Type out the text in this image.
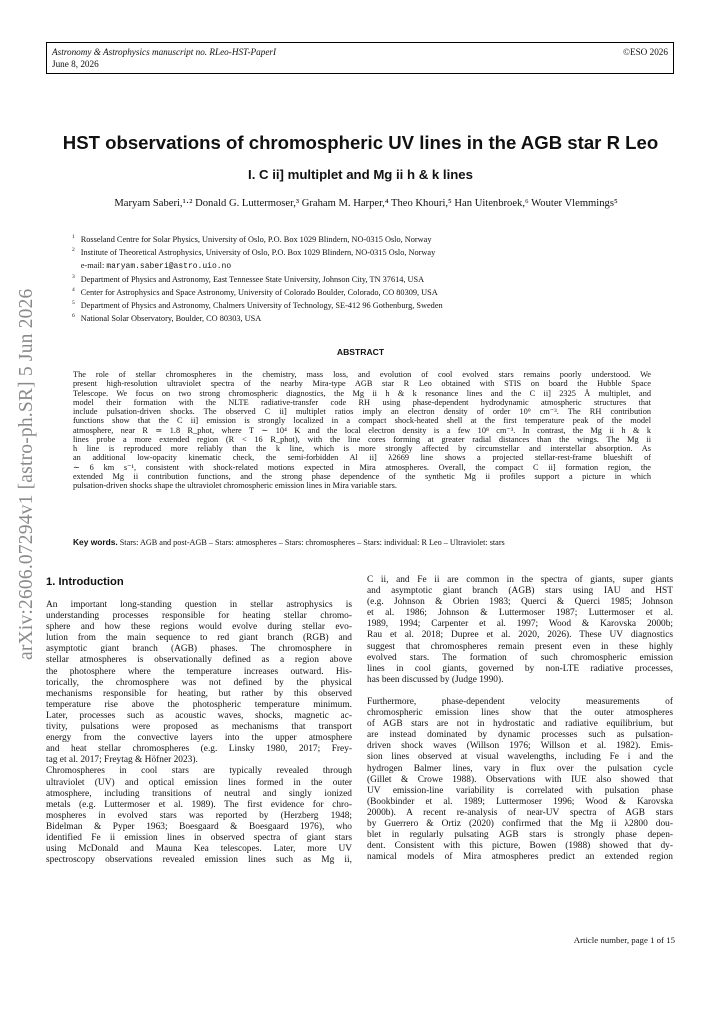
Astronomy & Astrophysics manuscript no. RLeo-HST-PaperI
June 8, 2026
©ESO 2026
arXiv:2606.07294v1 [astro-ph.SR] 5 Jun 2026
HST observations of chromospheric UV lines in the AGB star R Leo
I. C ii] multiplet and Mg ii h & k lines
Maryam Saberi,¹·² Donald G. Luttermoser,³ Graham M. Harper,⁴ Theo Khouri,⁵ Han Uitenbroek,⁶ Wouter Vlemmings⁵
$^1$ Rosseland Centre for Solar Physics, University of Oslo, P.O. Box 1029 Blindern, NO-0315 Oslo, Norway
$^2$ Institute of Theoretical Astrophysics, University of Oslo, P.O. Box 1029 Blindern, NO-0315 Oslo, Norway
e-mail: maryam.saberi@astro.uio.no
$^3$ Department of Physics and Astronomy, East Tennessee State University, Johnson City, TN 37614, USA
$^4$ Center for Astrophysics and Space Astronomy, University of Colorado Boulder, Colorado, CO 80309, USA
$^5$ Department of Physics and Astronomy, Chalmers University of Technology, SE-412 96 Gothenburg, Sweden
$^6$ National Solar Observatory, Boulder, CO 80303, USA
ABSTRACT
The role of stellar chromospheres in the chemistry, mass loss, and evolution of cool evolved stars remains poorly understood. We
present high-resolution ultraviolet spectra of the nearby Mira-type AGB star R Leo obtained with STIS on board the Hubble Space
Telescope. We focus on two strong chromospheric diagnostics, the Mg ii h & k resonance lines and the C ii] 2325 Å multiplet, and
model their formation with the NLTE radiative-transfer code RH using phase-dependent hydrodynamic atmospheric structures that
include pulsation-driven shocks. The observed C ii] multiplet ratios imply an electron density of order 10⁹ cm⁻³. The RH contribution
functions show that the C ii] emission is strongly localized in a compact shock-heated shell at the first temperature peak of the model
atmosphere, near R ≃ 1.8 R_phot, where T ∼ 10⁴ K and the local electron density is a few 10⁸ cm⁻³. In contrast, the Mg ii h & k
lines probe a more extended region (R < 16 R_phot), with the line cores forming at greater radial distances than the wings. The Mg ii
h line is reproduced more reliably than the k line, which is more strongly affected by circumstellar and interstellar absorption. As
an additional low-opacity kinematic check, the semi-forbidden Al ii] λ2669 line shows a projected stellar-rest-frame blueshift of
∼ 6 km s⁻¹, consistent with shock-related motions expected in Mira atmospheres. Overall, the compact C ii] formation region, the
extended Mg ii contribution functions, and the strong phase dependence of the synthetic Mg ii profiles support a picture in which
pulsation-driven shocks shape the ultraviolet chromospheric emission lines in Mira variable stars.
Key words. Stars: AGB and post-AGB – Stars: atmospheres – Stars: chromospheres – Stars: individual: R Leo – Ultraviolet: stars
1. Introduction
An important long-standing question in stellar astrophysics is
understanding processes responsible for heating stellar chromo-
sphere and how these regions would evolve during stellar evo-
lution from the main sequence to red giant branch (RGB) and
asymptotic giant branch (AGB) phases. The chromosphere in
stellar atmospheres is observationally defined as a region above
the photosphere where the temperature increases outward. His-
torically, the chromosphere was not defined by the physical
mechanisms responsible for heating, but rather by this observed
temperature rise above the photospheric temperature minimum.
Later, processes such as acoustic waves, shocks, magnetic ac-
tivity, pulsations were proposed as mechanisms that transport
energy from the convective layers into the upper atmosphere
and heat stellar chromospheres (e.g. Linsky 1980, 2017; Frey-
tag et al. 2017; Freytag & Höfner 2023).
Chromospheres in cool stars are typically revealed through
ultraviolet (UV) and optical emission lines formed in the outer
atmosphere, including transitions of neutral and singly ionized
metals (e.g. Luttermoser et al. 1989). The first evidence for chro-
mospheres in evolved stars was reported by (Herzberg 1948;
Bidelman & Pyper 1963; Boesgaard & Boesgaard 1976), who
identified Fe ii emission lines in observed spectra of giant stars
using McDonald and Mauna Kea telescopes. Later, more UV
spectroscopy observations revealed emission lines such as Mg ii,
C ii, and Fe ii are common in the spectra of giants, super giants
and asymptotic giant branch (AGB) stars using IAU and HST
(e.g. Johnson & Obrien 1983; Querci & Querci 1985; Johnson
et al. 1986; Johnson & Luttermoser 1987; Luttermoser et al.
1989, 1994; Carpenter et al. 1997; Wood & Karovska 2000b;
Rau et al. 2018; Dupree et al. 2020, 2026). These UV diagnostics
suggest that chromospheres remain present even in these highly
evolved stars. The formation of such chromospheric emission
lines in cool giants, governed by non-LTE radiative processes,
has been discussed by (Judge 1990).
Furthermore, phase-dependent velocity measurements of
chromospheric emission lines show that the outer atmospheres
of AGB stars are not in hydrostatic and radiative equilibrium, but
are instead dominated by dynamic processes such as pulsation-
driven shock waves (Willson 1976; Willson et al. 1982). Emis-
sion lines observed at visual wavelengths, including Fe i and the
hydrogen Balmer lines, vary in flux over the pulsation cycle
(Gillet & Crowe 1988). Observations with IUE also showed that
UV emission-line variability is correlated with pulsation phase
(Bookbinder et al. 1989; Luttermoser 1996; Wood & Karovska
2000b). A recent re-analysis of near-UV spectra of AGB stars
by Guerrero & Ortiz (2020) confirmed that the Mg ii λ2800 dou-
blet in regularly pulsating AGB stars is strongly phase depen-
dent. Consistent with this picture, Bowen (1988) showed that dy-
namical models of Mira atmospheres predict an extended region
Article number, page 1 of 15
